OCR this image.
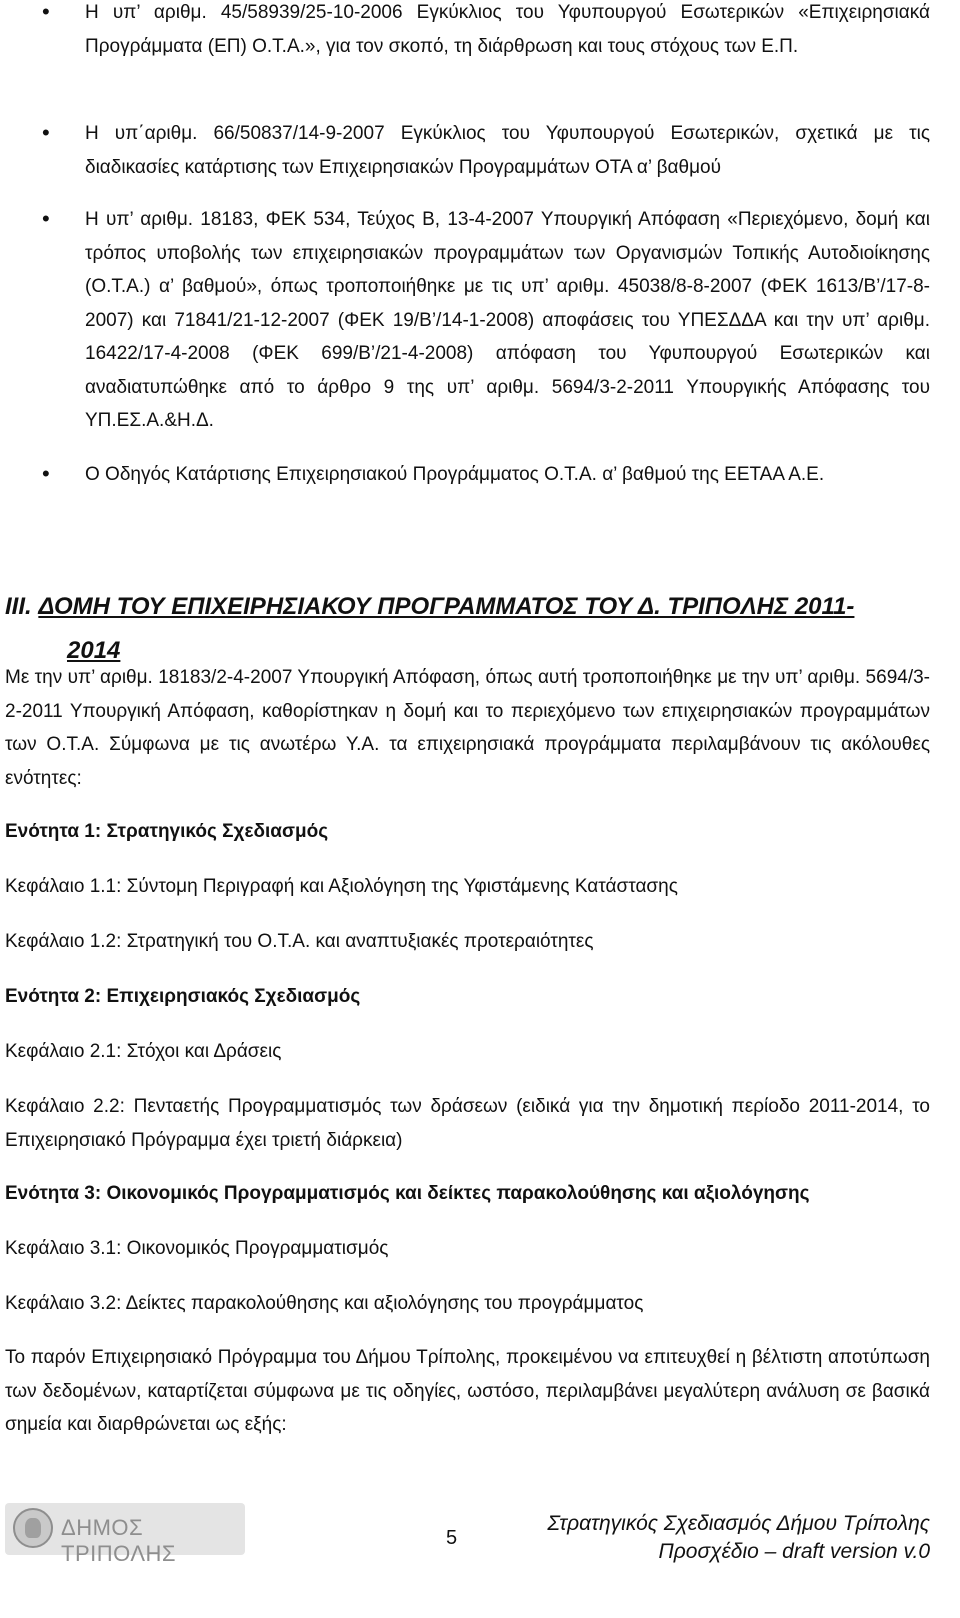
• Η υπ’ αριθμ. 45/58939/25-10-2006 Εγκύκλιος του Υφυπουργού Εσωτερικών «Επιχειρησιακά Προγράμματα (ΕΠ) Ο.Τ.Α.», για τον σκοπό, τη διάρθρωση και τους στόχους των Ε.Π.
• Η υπ΄αριθμ. 66/50837/14-9-2007 Εγκύκλιος του Υφυπουργού Εσωτερικών, σχετικά με τις διαδικασίες κατάρτισης των Επιχειρησιακών Προγραμμάτων ΟΤΑ α’ βαθμού
• Η υπ’ αριθμ. 18183, ΦΕΚ 534, Τεύχος Β, 13-4-2007 Υπουργική Απόφαση «Περιεχόμενο, δομή και τρόπος υποβολής των επιχειρησιακών προγραμμάτων των Οργανισμών Τοπικής Αυτοδιοίκησης (Ο.Τ.Α.) α’ βαθμού», όπως τροποποιήθηκε με τις υπ’ αριθμ. 45038/8-8-2007 (ΦΕΚ 1613/Β’/17-8-2007) και 71841/21-12-2007 (ΦΕΚ 19/Β’/14-1-2008) αποφάσεις του ΥΠΕΣΔΔΑ και την υπ’ αριθμ. 16422/17-4-2008 (ΦΕΚ 699/Β’/21-4-2008) απόφαση του Υφυπουργού Εσωτερικών και αναδιατυπώθηκε από το άρθρο 9 της υπ’ αριθμ. 5694/3-2-2011 Υπουργικής Απόφασης του ΥΠ.ΕΣ.Α.&Η.Δ.
• Ο Οδηγός Κατάρτισης Επιχειρησιακού Προγράμματος Ο.Τ.Α. α’ βαθμού της ΕΕΤΑΑ Α.Ε.
III. ΔΟΜΗ ΤΟΥ ΕΠΙΧΕΙΡΗΣΙΑΚΟΥ ΠΡΟΓΡΑΜΜΑΤΟΣ ΤΟΥ Δ. ΤΡΙΠΟΛΗΣ 2011-
2014

Με την υπ’ αριθμ. 18183/2-4-2007 Υπουργική Απόφαση, όπως αυτή τροποποιήθηκε με την υπ’ αριθμ. 5694/3-2-2011 Υπουργική Απόφαση, καθορίστηκαν η δομή και το περιεχόμενο των επιχειρησιακών προγραμμάτων των Ο.Τ.Α. Σύμφωνα με τις ανωτέρω Υ.Α. τα επιχειρησιακά προγράμματα περιλαμβάνουν τις ακόλουθες ενότητες:

Ενότητα 1: Στρατηγικός Σχεδιασμός

Κεφάλαιο 1.1: Σύντομη Περιγραφή και Αξιολόγηση της Υφιστάμενης Κατάστασης

Κεφάλαιο 1.2: Στρατηγική του Ο.Τ.Α. και αναπτυξιακές προτεραιότητες

Ενότητα 2: Επιχειρησιακός Σχεδιασμός

Κεφάλαιο 2.1: Στόχοι και Δράσεις

Κεφάλαιο 2.2: Πενταετής Προγραμματισμός των δράσεων (ειδικά για την δημοτική περίοδο 2011-2014, το Επιχειρησιακό Πρόγραμμα έχει τριετή διάρκεια)

Ενότητα 3: Οικονομικός Προγραμματισμός και δείκτες παρακολούθησης και αξιολόγησης

Κεφάλαιο 3.1: Οικονομικός Προγραμματισμός

Κεφάλαιο 3.2: Δείκτες παρακολούθησης και αξιολόγησης του προγράμματος

Το παρόν Επιχειρησιακό Πρόγραμμα του Δήμου Τρίπολης, προκειμένου να επιτευχθεί η βέλτιστη αποτύπωση των δεδομένων, καταρτίζεται σύμφωνα με τις οδηγίες, ωστόσο, περιλαμβάνει μεγαλύτερη ανάλυση σε βασικά σημεία και διαρθρώνεται ως εξής:

ΔΗΜΟΣ ΤΡΙΠΟΛΗΣ
5
Στρατηγικός Σχεδιασμός Δήμου Τρίπολης
Προσχέδιο – draft version v.0
